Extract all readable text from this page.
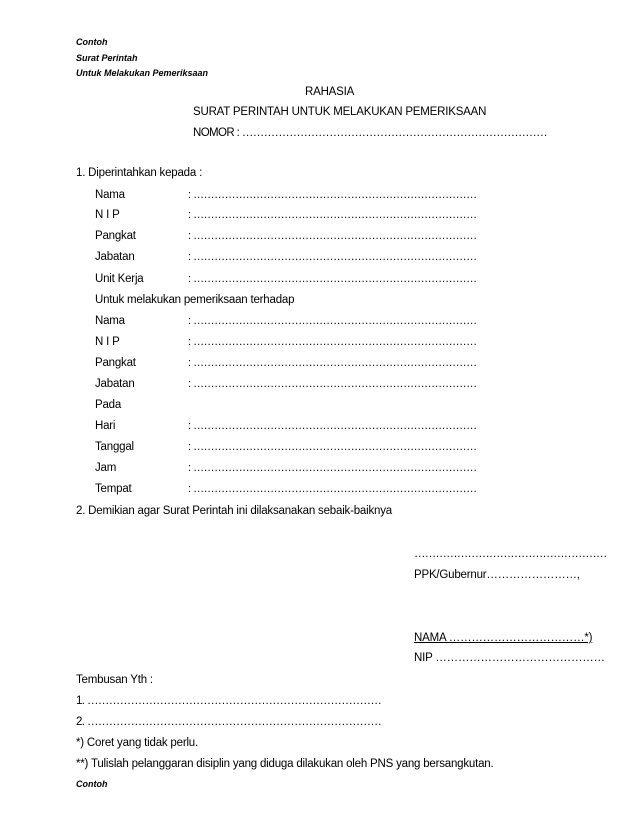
Contoh
Surat Perintah
Untuk Melakukan Pemeriksaan
RAHASIA
SURAT PERINTAH UNTUK MELAKUKAN PEMERIKSAAN
NOMOR : …………………………………………………………………………
1. Diperintahkan kepada :
Nama	: ………………………………………………………………………
N I P	: ………………………………………………………………………
Pangkat	: ………………………………………………………………………
Jabatan	: ………………………………………………………………………
Unit Kerja	: ………………………………………………………………………
Untuk melakukan pemeriksaan terhadap
Nama	: ………………………………………………………………………
N I P	: ………………………………………………………………………
Pangkat	: ………………………………………………………………………
Jabatan	: ………………………………………………………………………
Pada
Hari	: ………………………………………………………………………
Tanggal	: ………………………………………………………………………
Jam	: ………………………………………………………………………
Tempat	: ………………………………………………………………………
2. Demikian agar Surat Perintah ini dilaksanakan sebaik-baiknya
………………………………………………
PPK/Gubernur……………………,
NAMA ………………………………*)
NIP ………………………………………
Tembusan Yth :
1. ………………………………………………………………………
2. ………………………………………………………………………
*) Coret yang tidak perlu.
**) Tulislah pelanggaran disiplin yang diduga dilakukan oleh PNS yang bersangkutan.
Contoh
